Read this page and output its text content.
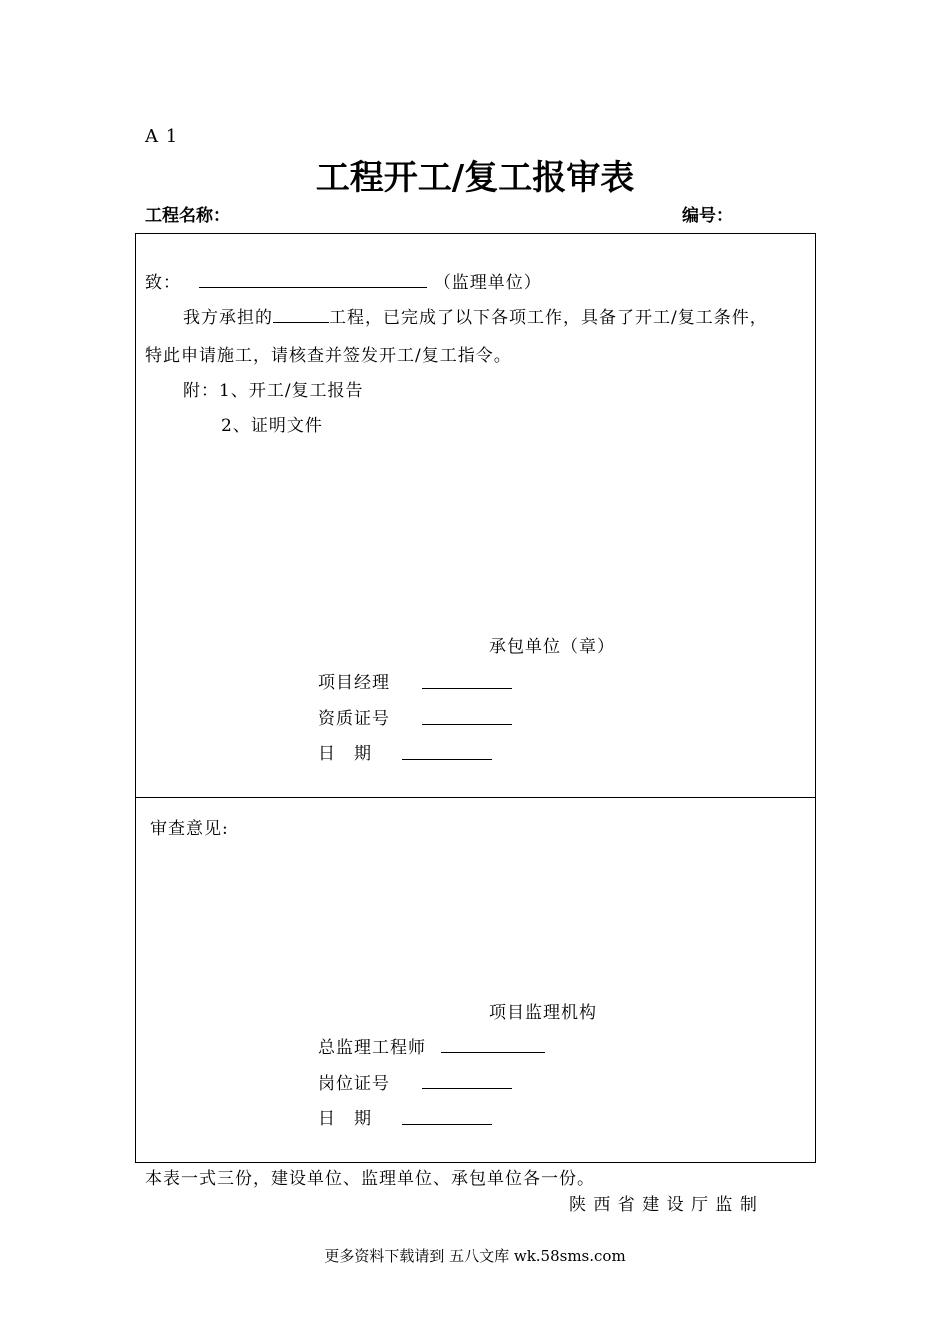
A 1
工程开工/复工报审表
工程名称：	编号：
致：	（监理单位）
我方承担的	工程，已完成了以下各项工作，具备了开工/复工条件，
特此申请施工，请核查并签发开工/复工指令。
附：1、开工/复工报告
2、证明文件
承包单位（章）
项目经理
资质证号
日　期
审查意见:
项目监理机构
总监理工程师
岗位证号
日　期
本表一式三份，建设单位、监理单位、承包单位各一份。
陕 西 省 建 设 厅 监 制
更多资料下载请到 五八文库 wk.58sms.com
